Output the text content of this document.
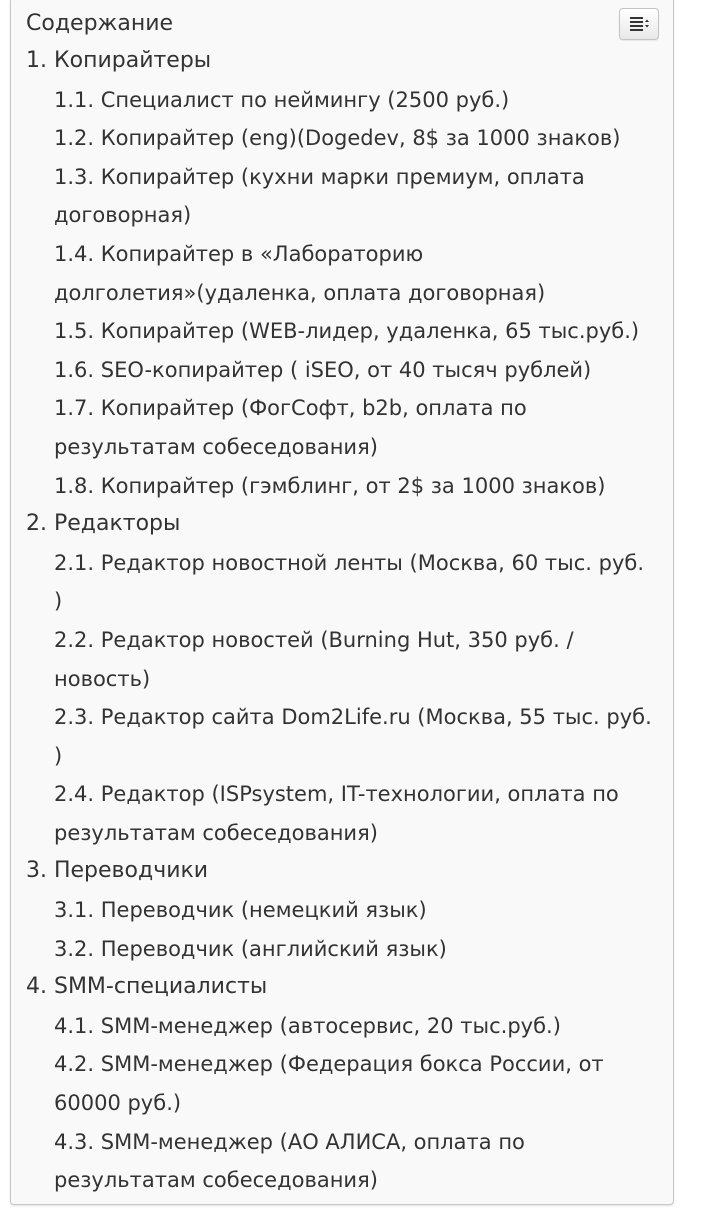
Содержание
1. Копирайтеры
1.1. Специалист по неймингу (2500 руб.)
1.2. Копирайтер (eng)(Dogedev, 8$ за 1000 знаков)
1.3. Копирайтер (кухни марки премиум, оплата договорная)
1.4. Копирайтер в «Лабораторию долголетия»(удаленка, оплата договорная)
1.5. Копирайтер (WEB-лидер, удаленка, 65 тыс.руб.)
1.6. SEO-копирайтер ( iSEO, от 40 тысяч рублей)
1.7. Копирайтер (ФогСофт, b2b, оплата по результатам собеседования)
1.8. Копирайтер (гэмблинг, от 2$ за 1000 знаков)
2. Редакторы
2.1. Редактор новостной ленты (Москва, 60 тыс. руб. )
2.2. Редактор новостей (Burning Hut, 350 руб. / новость)
2.3. Редактор сайта Dom2Life.ru (Москва, 55 тыс. руб. )
2.4. Редактор (ISPsystem, IT-технологии, оплата по результатам собеседования)
3. Переводчики
3.1. Переводчик (немецкий язык)
3.2. Переводчик (английский язык)
4. SMM-специалисты
4.1. SMM-менеджер (автосервис, 20 тыс.руб.)
4.2. SMM-менеджер (Федерация бокса России, от 60000 руб.)
4.3. SMM-менеджер (АО АЛИСА, оплата по результатам собеседования)
